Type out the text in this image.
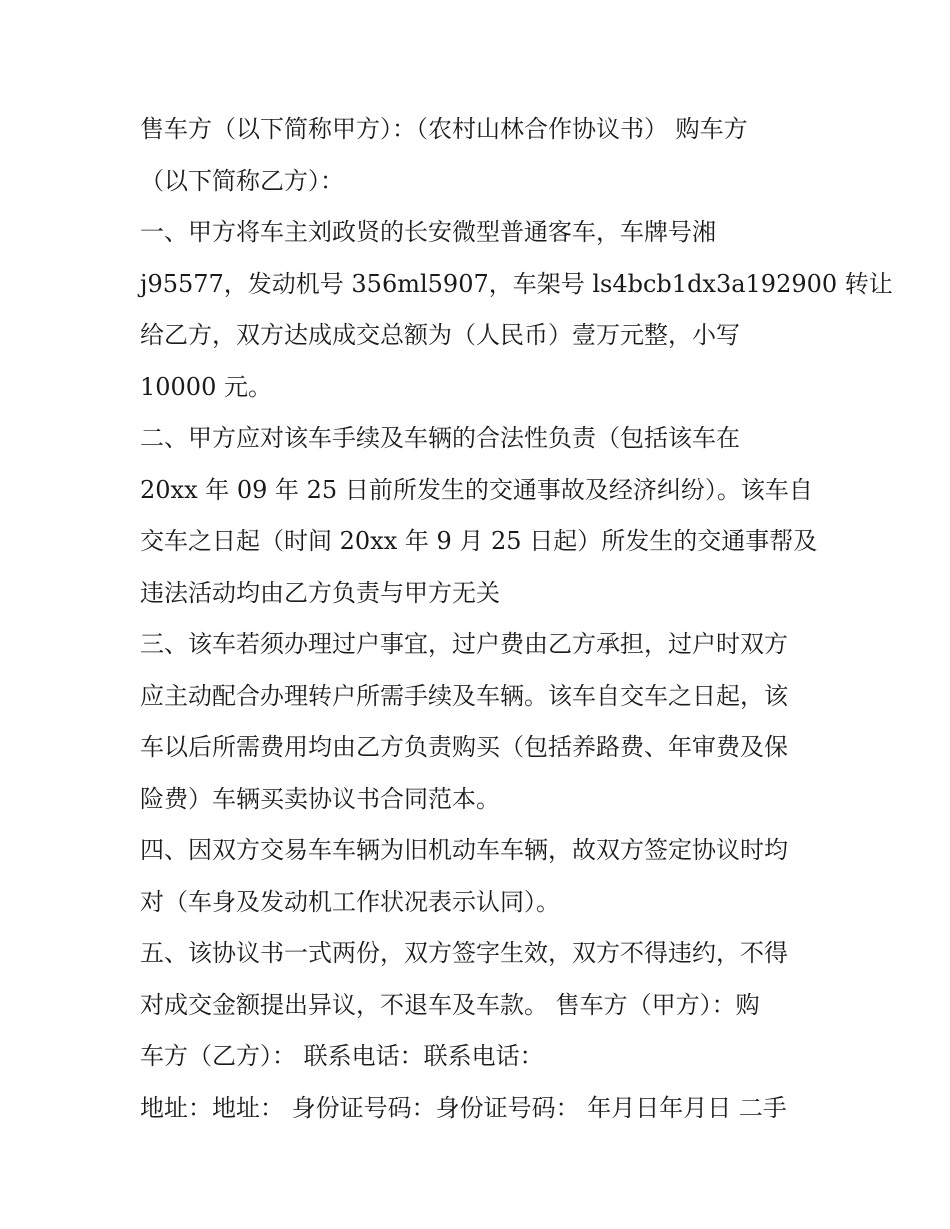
售车方（以下简称甲方）：（农村山林合作协议书） 购车方
（以下简称乙方）：
一、甲方将车主刘政贤的长安微型普通客车，车牌号湘
j95577，发动机号 356ml5907，车架号 ls4bcb1dx3a192900 转让
给乙方，双方达成成交总额为（人民币）壹万元整，小写
10000 元。
二、甲方应对该车手续及车辆的合法性负责（包括该车在
20xx 年 09 年 25 日前所发生的交通事故及经济纠纷）。该车自
交车之日起（时间 20xx 年 9 月 25 日起）所发生的交通事帮及
违法活动均由乙方负责与甲方无关
三、该车若须办理过户事宜，过户费由乙方承担，过户时双方
应主动配合办理转户所需手续及车辆。该车自交车之日起，该
车以后所需费用均由乙方负责购买（包括养路费、年审费及保
险费）车辆买卖协议书合同范本。
四、因双方交易车车辆为旧机动车车辆，故双方签定协议时均
对（车身及发动机工作状况表示认同）。
五、该协议书一式两份，双方签字生效，双方不得违约，不得
对成交金额提出异议，不退车及车款。 售车方（甲方）：购
车方（乙方）： 联系电话：联系电话：
地址：地址： 身份证号码：身份证号码： 年月日年月日 二手
